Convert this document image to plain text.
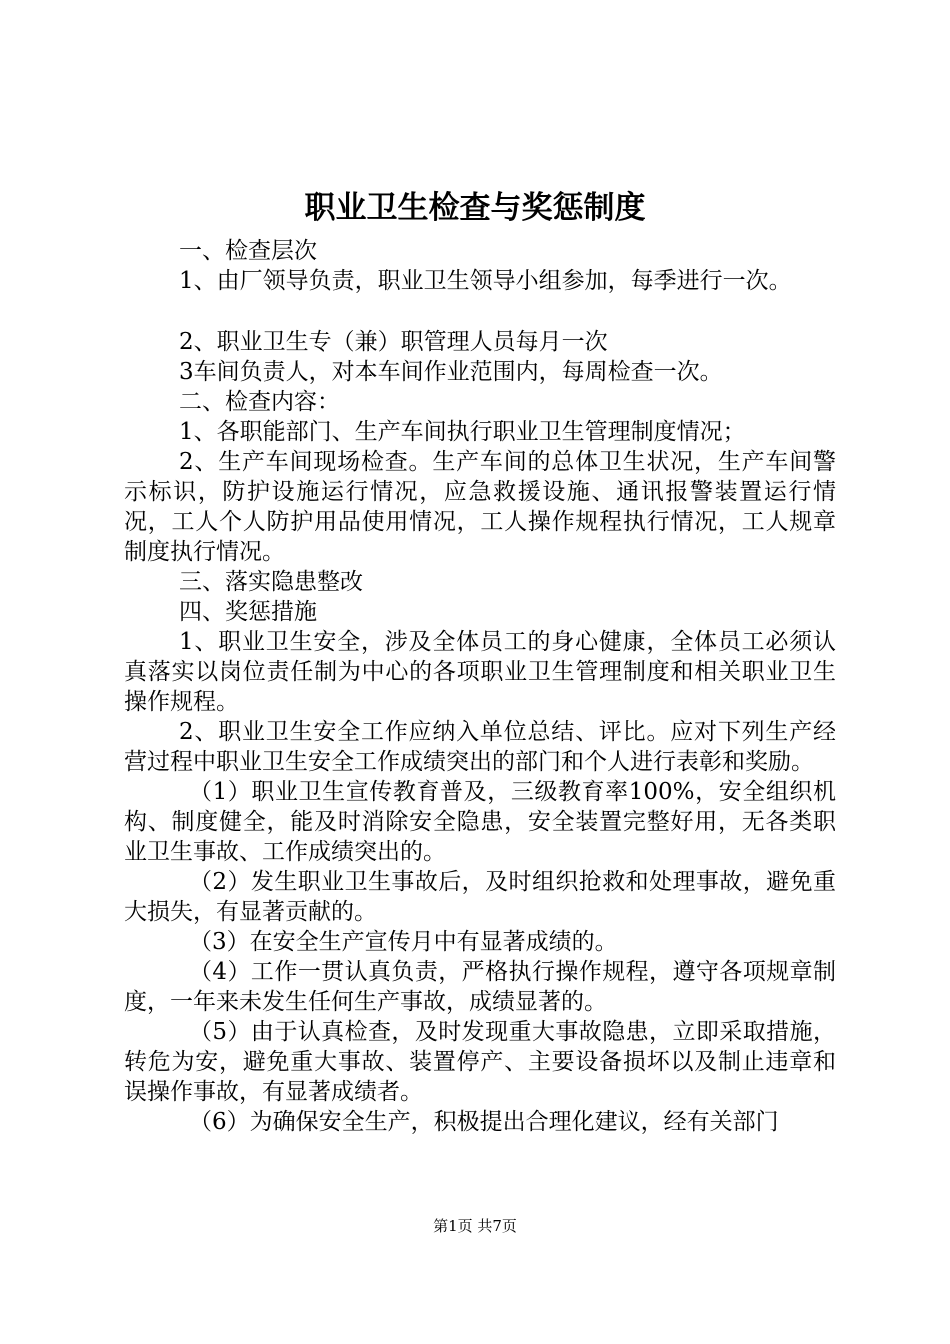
职业卫生检查与奖惩制度

一、检查层次

1、由厂领导负责，职业卫生领导小组参加，每季进行一次。

2、职业卫生专（兼）职管理人员每月一次

3车间负责人，对本车间作业范围内，每周检查一次。

二、检查内容：

1、各职能部门、生产车间执行职业卫生管理制度情况；

2、生产车间现场检查。生产车间的总体卫生状况，生产车间警示标识，防护设施运行情况，应急救援设施、通讯报警装置运行情况，工人个人防护用品使用情况，工人操作规程执行情况，工人规章制度执行情况。

三、落实隐患整改

四、奖惩措施

1、职业卫生安全，涉及全体员工的身心健康，全体员工必须认真落实以岗位责任制为中心的各项职业卫生管理制度和相关职业卫生操作规程。

2、职业卫生安全工作应纳入单位总结、评比。应对下列生产经营过程中职业卫生安全工作成绩突出的部门和个人进行表彰和奖励。

（1）职业卫生宣传教育普及，三级教育率100%，安全组织机构、制度健全，能及时消除安全隐患，安全装置完整好用，无各类职业卫生事故、工作成绩突出的。

（2）发生职业卫生事故后，及时组织抢救和处理事故，避免重大损失，有显著贡献的。

（3）在安全生产宣传月中有显著成绩的。

（4）工作一贯认真负责，严格执行操作规程，遵守各项规章制度，一年来未发生任何生产事故，成绩显著的。

（5）由于认真检查，及时发现重大事故隐患，立即采取措施，转危为安，避免重大事故、装置停产、主要设备损坏以及制止违章和误操作事故，有显著成绩者。

（6）为确保安全生产，积极提出合理化建议，经有关部门

第1页 共7页
